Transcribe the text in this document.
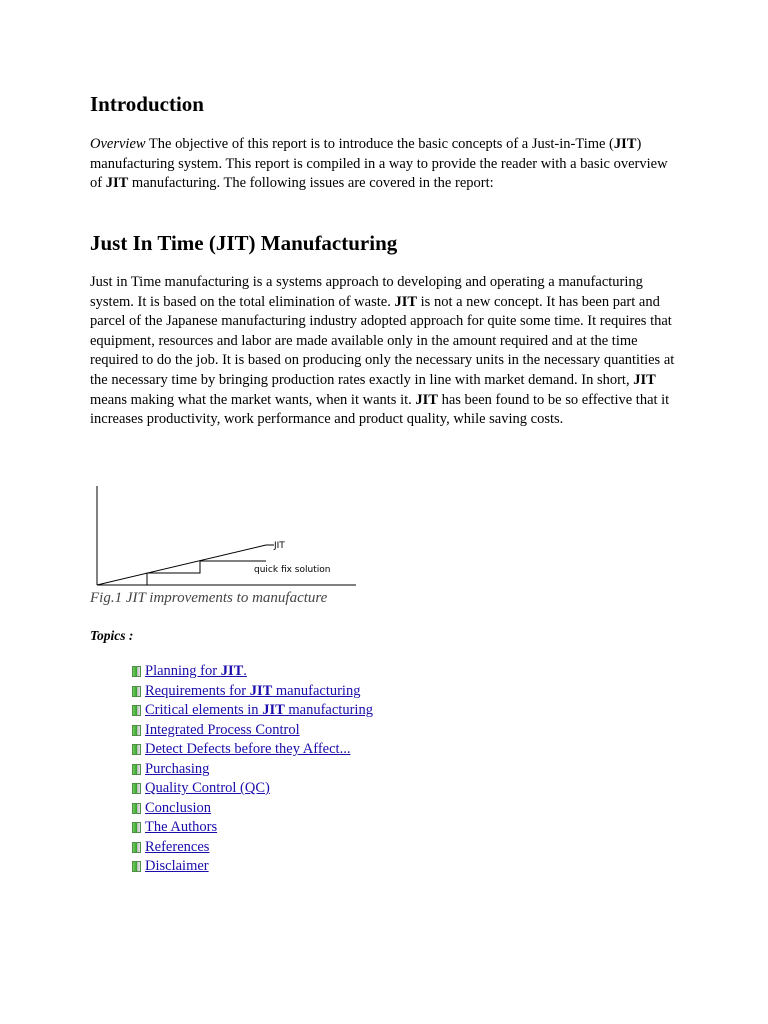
Introduction

Overview The objective of this report is to introduce the basic concepts of a Just-in-Time (JIT) manufacturing system. This report is compiled in a way to provide the reader with a basic overview of JIT manufacturing. The following issues are covered in the report:

Just In Time (JIT) Manufacturing

Just in Time manufacturing is a systems approach to developing and operating a manufacturing system. It is based on the total elimination of waste. JIT is not a new concept. It has been part and parcel of the Japanese manufacturing industry adopted approach for quite some time. It requires that equipment, resources and labor are made available only in the amount required and at the time required to do the job. It is based on producing only the necessary units in the necessary quantities at the necessary time by bringing production rates exactly in line with market demand. In short, JIT means making what the market wants, when it wants it. JIT has been found to be so effective that it increases productivity, work performance and product quality, while saving costs.

JIT
quick fix solution
Fig.1 JIT improvements to manufacture
Topics :
Planning for JIT.
Requirements for JIT manufacturing
Critical elements in JIT manufacturing
Integrated Process Control
Detect Defects before they Affect...
Purchasing
Quality Control (QC)
Conclusion
The Authors
References
Disclaimer
